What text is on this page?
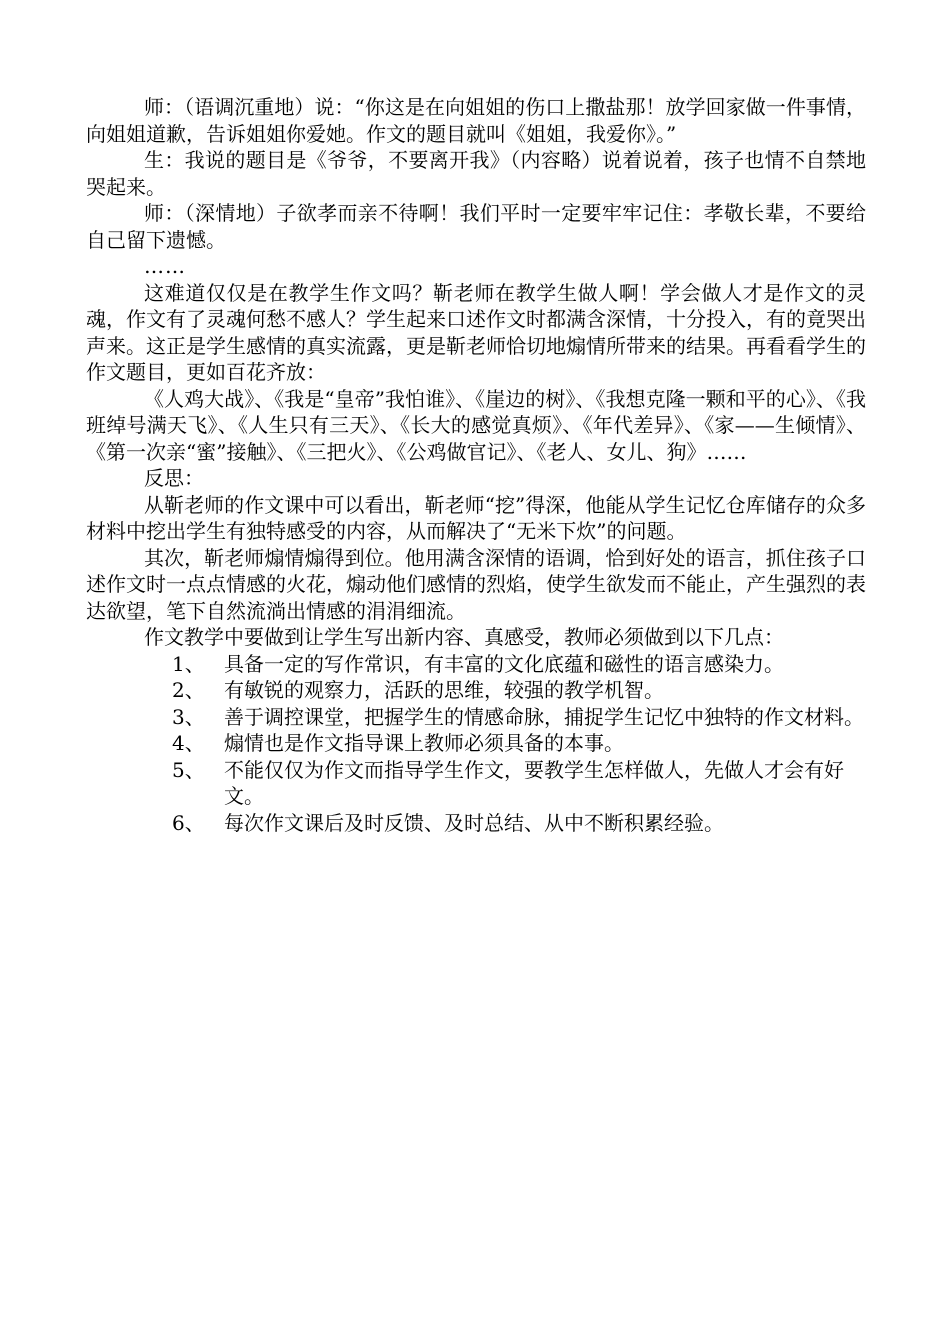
师：（语调沉重地）说：“你这是在向姐姐的伤口上撒盐那！放学回家做一件事情，向姐姐道歉，告诉姐姐你爱她。作文的题目就叫《姐姐，我爱你》。”

生：我说的题目是《爷爷，不要离开我》（内容略）说着说着，孩子也情不自禁地哭起来。

师：（深情地）子欲孝而亲不待啊！我们平时一定要牢牢记住：孝敬长辈，不要给自己留下遗憾。

……

这难道仅仅是在教学生作文吗？靳老师在教学生做人啊！学会做人才是作文的灵魂，作文有了灵魂何愁不感人？学生起来口述作文时都满含深情，十分投入，有的竟哭出声来。这正是学生感情的真实流露，更是靳老师恰切地煽情所带来的结果。再看看学生的作文题目，更如百花齐放：

《人鸡大战》、《我是“皇帝”我怕谁》、《崖边的树》、《我想克隆一颗和平的心》、《我班绰号满天飞》、《人生只有三天》、《长大的感觉真烦》、《年代差异》、《家——生倾情》、《第一次亲“蜜”接触》、《三把火》、《公鸡做官记》、《老人、女儿、狗》……

反思：

从靳老师的作文课中可以看出，靳老师“挖”得深，他能从学生记忆仓库储存的众多材料中挖出学生有独特感受的内容，从而解决了“无米下炊”的问题。

其次，靳老师煽情煽得到位。他用满含深情的语调，恰到好处的语言，抓住孩子口述作文时一点点情感的火花，煽动他们感情的烈焰，使学生欲发而不能止，产生强烈的表达欲望，笔下自然流淌出情感的涓涓细流。

作文教学中要做到让学生写出新内容、真感受，教师必须做到以下几点：

1、 具备一定的写作常识，有丰富的文化底蕴和磁性的语言感染力。
2、 有敏锐的观察力，活跃的思维，较强的教学机智。
3、 善于调控课堂，把握学生的情感命脉，捕捉学生记忆中独特的作文材料。
4、 煽情也是作文指导课上教师必须具备的本事。
5、 不能仅仅为作文而指导学生作文，要教学生怎样做人，先做人才会有好文。
6、 每次作文课后及时反馈、及时总结、从中不断积累经验。
